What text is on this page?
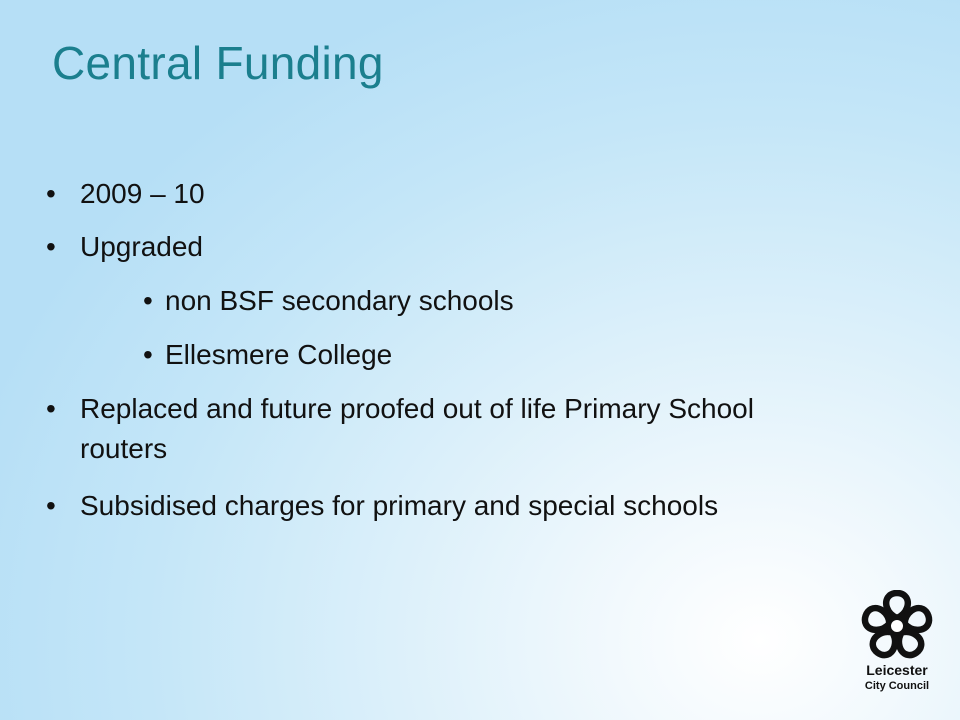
Central Funding
• 2009 – 10
• Upgraded
• non BSF secondary schools
• Ellesmere College
• Replaced and future proofed out of life Primary School routers
• Subsidised charges for primary and special schools
Leicester
City Council
